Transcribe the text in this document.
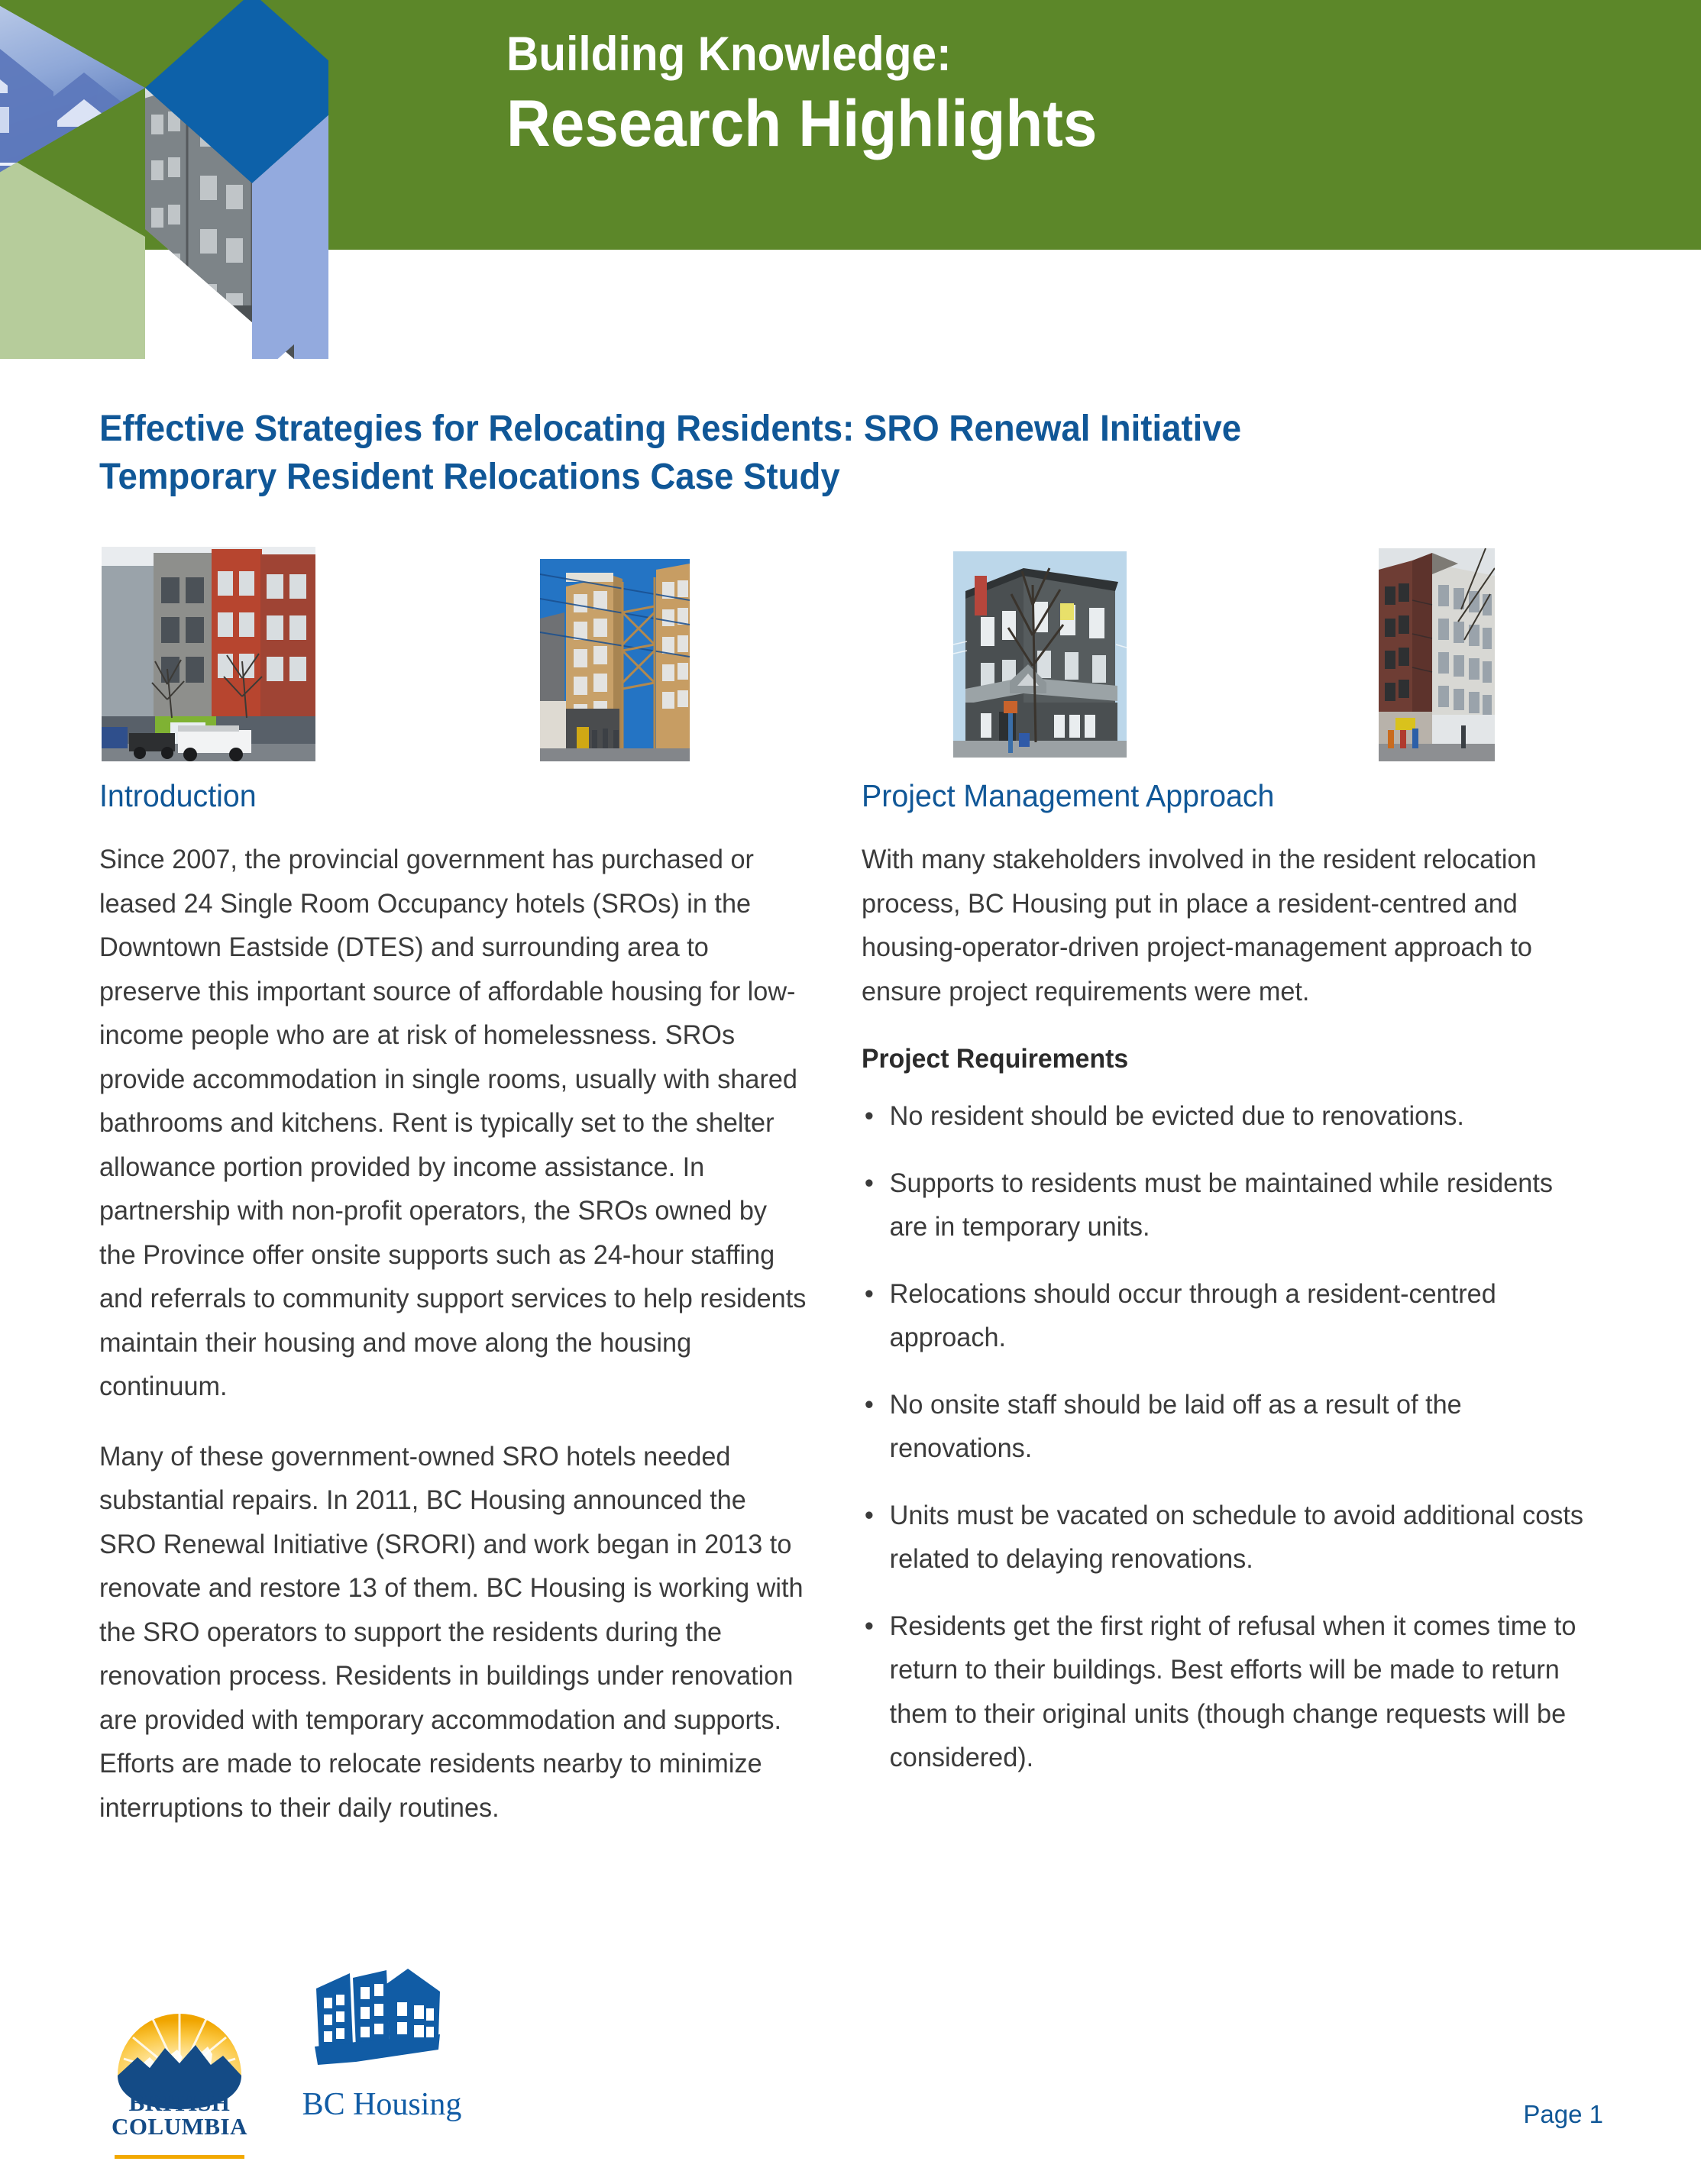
Building Knowledge:
Research Highlights
Effective Strategies for Relocating Residents: SRO Renewal Initiative
Temporary Resident Relocations Case Study
Introduction

Since 2007, the provincial government has purchased or leased 24 Single Room Occupancy hotels (SROs) in the Downtown Eastside (DTES) and surrounding area to preserve this important source of affordable housing for low-income people who are at risk of homelessness. SROs provide accommodation in single rooms, usually with shared bathrooms and kitchens. Rent is typically set to the shelter allowance portion provided by income assistance. In partnership with non-profit operators, the SROs owned by the Province offer onsite supports such as 24-hour staffing and referrals to community support services to help residents maintain their housing and move along the housing continuum.

Many of these government-owned SRO hotels needed substantial repairs. In 2011, BC Housing announced the SRO Renewal Initiative (SRORI) and work began in 2013 to renovate and restore 13 of them. BC Housing is working with the SRO operators to support the residents during the renovation process. Residents in buildings under renovation are provided with temporary accommodation and supports. Efforts are made to relocate residents nearby to minimize interruptions to their daily routines.

Project Management Approach

With many stakeholders involved in the resident relocation process, BC Housing put in place a resident-centred and housing-operator-driven project-management approach to ensure project requirements were met.

Project Requirements
• No resident should be evicted due to renovations.
• Supports to residents must be maintained while residents are in temporary units.
• Relocations should occur through a resident-centred approach.
• No onsite staff should be laid off as a result of the renovations.
• Units must be vacated on schedule to avoid additional costs related to delaying renovations.
• Residents get the first right of refusal when it comes time to return to their buildings. Best efforts will be made to return them to their original units (though change requests will be considered).
BRITISH
COLUMBIA
BC Housing	Page 1
